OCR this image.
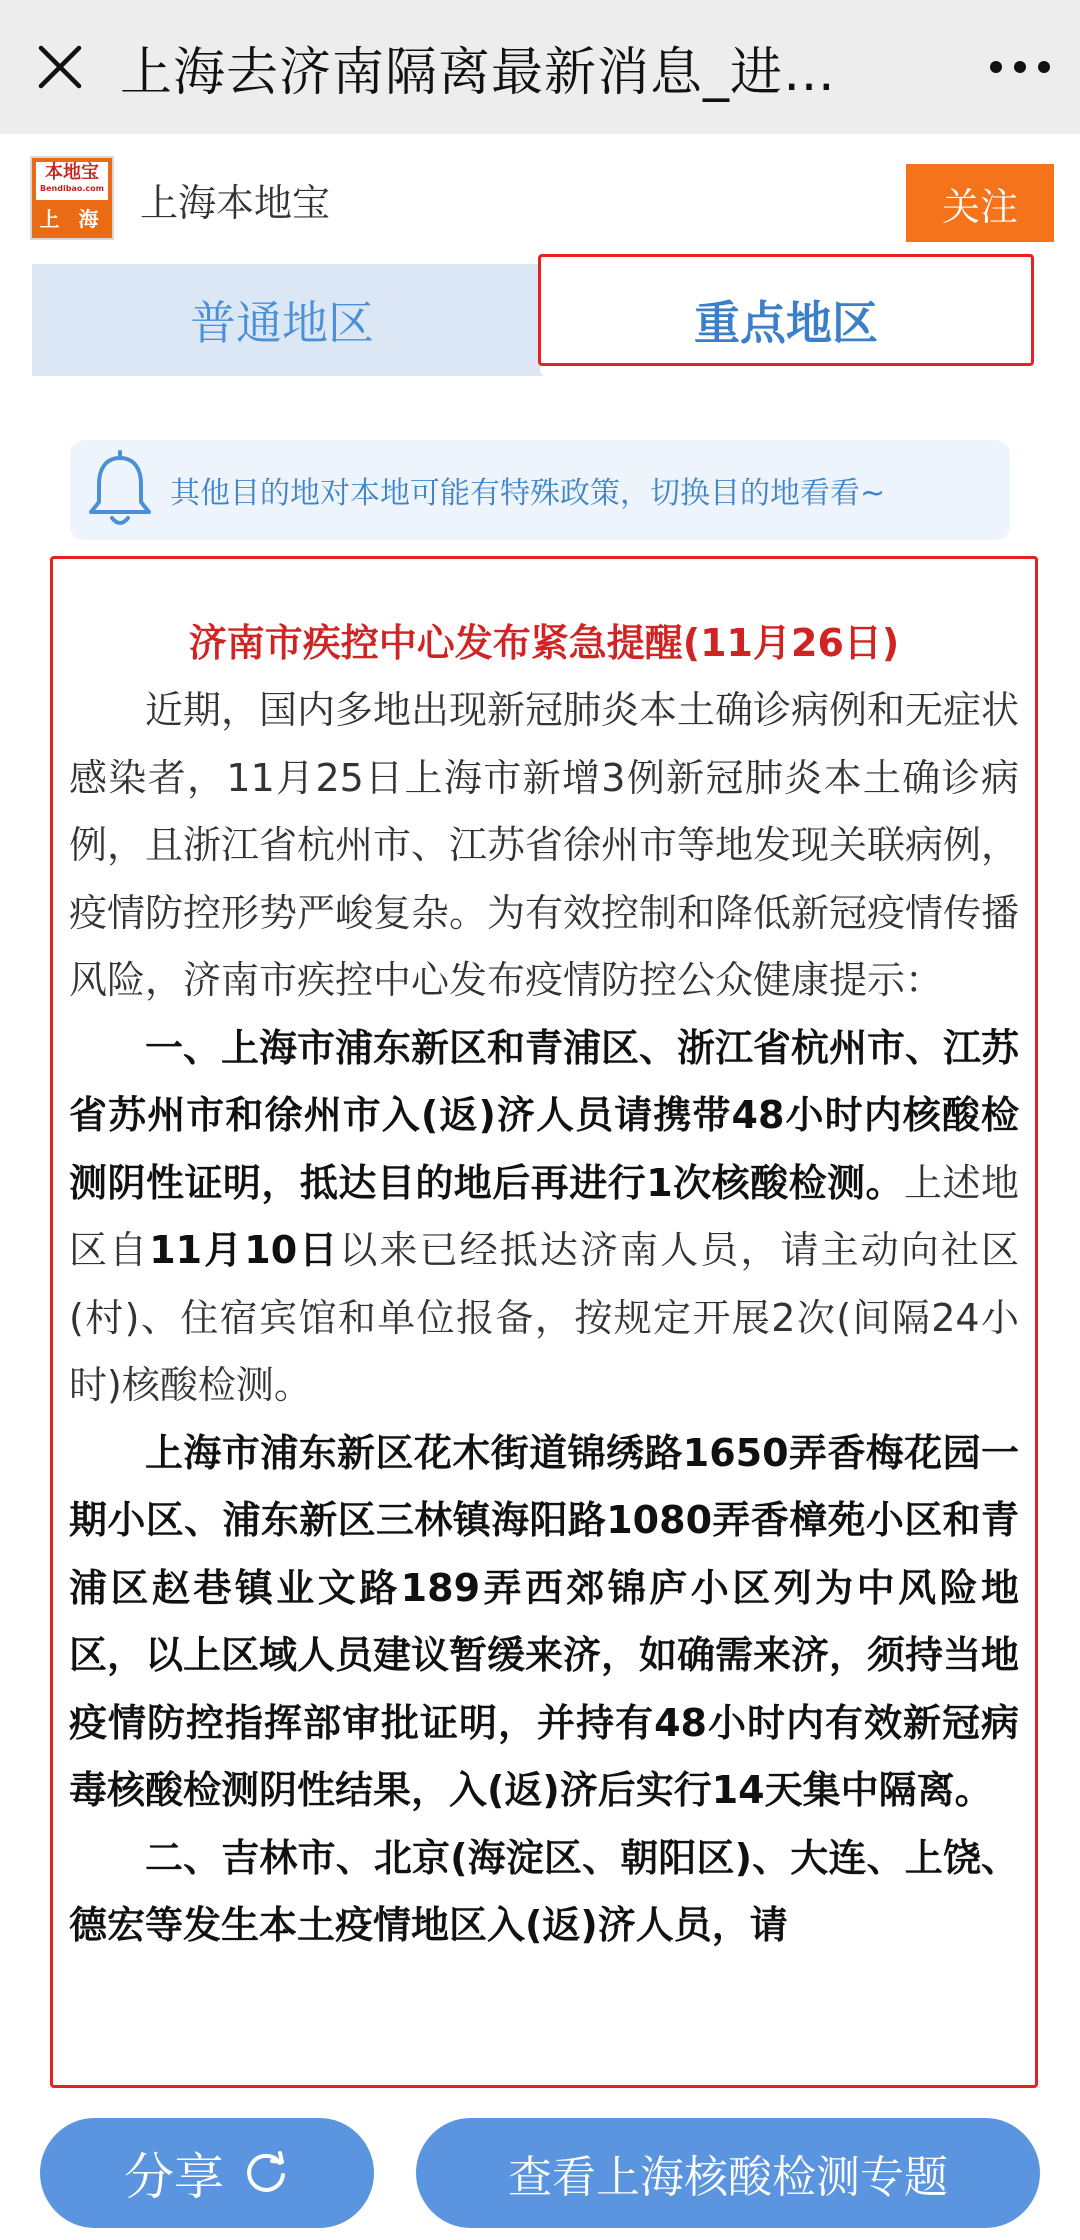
上海去济南隔离最新消息_进…
本地宝
Bendibao.com
上 海 上海本地宝	关注
普通地区	重点地区
其他目的地对本地可能有特殊政策，切换目的地看看~
济南市疾控中心发布紧急提醒(11月26日)

近期，国内多地出现新冠肺炎本土确诊病例和无症状感染者，11月25日上海市新增3例新冠肺炎本土确诊病例，且浙江省杭州市、江苏省徐州市等地发现关联病例，疫情防控形势严峻复杂。为有效控制和降低新冠疫情传播风险，济南市疾控中心发布疫情防控公众健康提示：

一、上海市浦东新区和青浦区、浙江省杭州市、江苏省苏州市和徐州市入(返)济人员请携带48小时内核酸检测阴性证明，抵达目的地后再进行1次核酸检测。上述地区自11月10日以来已经抵达济南人员，请主动向社区(村)、住宿宾馆和单位报备，按规定开展2次(间隔24小时)核酸检测。

上海市浦东新区花木街道锦绣路1650弄香梅花园一期小区、浦东新区三林镇海阳路1080弄香樟苑小区和青浦区赵巷镇业文路189弄西郊锦庐小区列为中风险地区，以上区域人员建议暂缓来济，如确需来济，须持当地疫情防控指挥部审批证明，并持有48小时内有效新冠病毒核酸检测阴性结果，入(返)济后实行14天集中隔离。

二、吉林市、北京(海淀区、朝阳区)、大连、上饶、德宏等发生本土疫情地区入(返)济人员，请

分享	查看上海核酸检测专题
